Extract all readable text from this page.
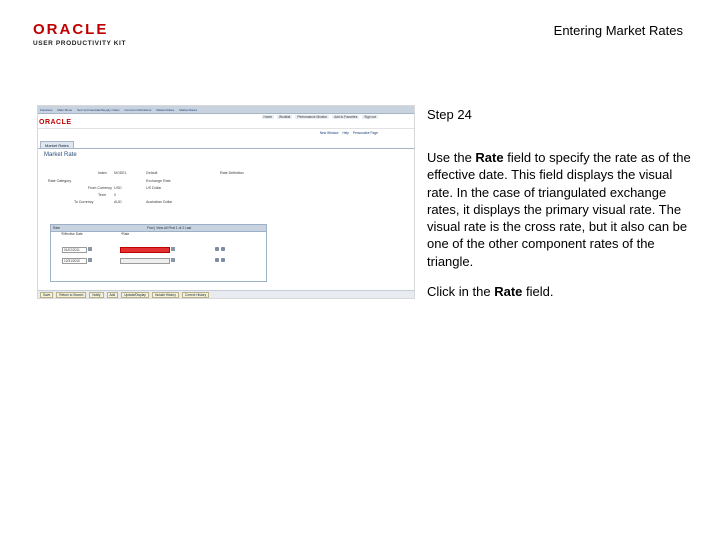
ORACLE
USER PRODUCTIVITY KIT
Entering Market Rates
Favorites Main Menu Set Up Financials/Supply Chain Common Definitions Market Rates Market Rates
ORACLE
Home	Worklist	Performance Monitor	Add to Favorites	Sign out
New Window Help Personalize Page
Market Rates
Market Rate
Index MODEL	Default	Rate Definition
Rate Category	Exchange Rate
From Currency USD	US Dollar
Term 0
To Currency	AUD	Australian Dollar
Rate	Find | View All First 1 of 2 Last
*Effective Date	*Rate
01/02/2011
12/31/2010
Save	Return to Search	Notify	Add	Update/Display	Include History	Correct History
Step 24
Use the Rate field to specify the rate as of the effective date. This field displays the visual rate. In the case of triangulated exchange rates, it displays the primary visual rate. The visual rate is the cross rate, but it also can be one of the other component rates of the triangle.
Click in the Rate field.
